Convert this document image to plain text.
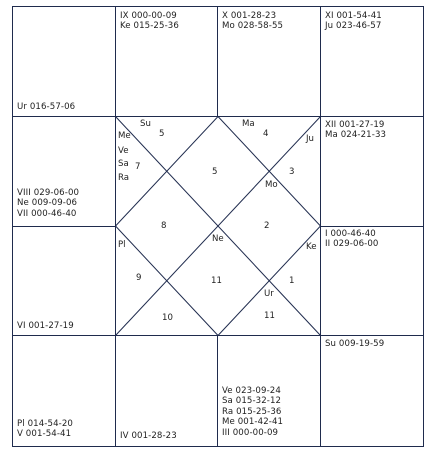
Ur 016-57-06
VIII 029-06-00
Ne 009-09-06
VII 000-46-40
VI 001-27-19
Pl 014-54-20
V 001-54-41
IX 000-00-09
Ke 015-25-36
X 001-28-23
Mo 028-58-55
XI 001-54-41
Ju 023-46-57
XII 001-27-19
Ma 024-21-33
I 000-46-40
II 029-06-00
Su 009-19-59
IV 001-28-23
Ve 023-09-24
Sa 015-32-12
Ra 015-25-36
Me 001-42-41
III 000-00-09
5	4
7	5	3
8	2
9	11	1
10	11
Su	Ma
Me
Ve
Sa
Ra
Ju
Mo
Ne
Pl	Ke
Ur
